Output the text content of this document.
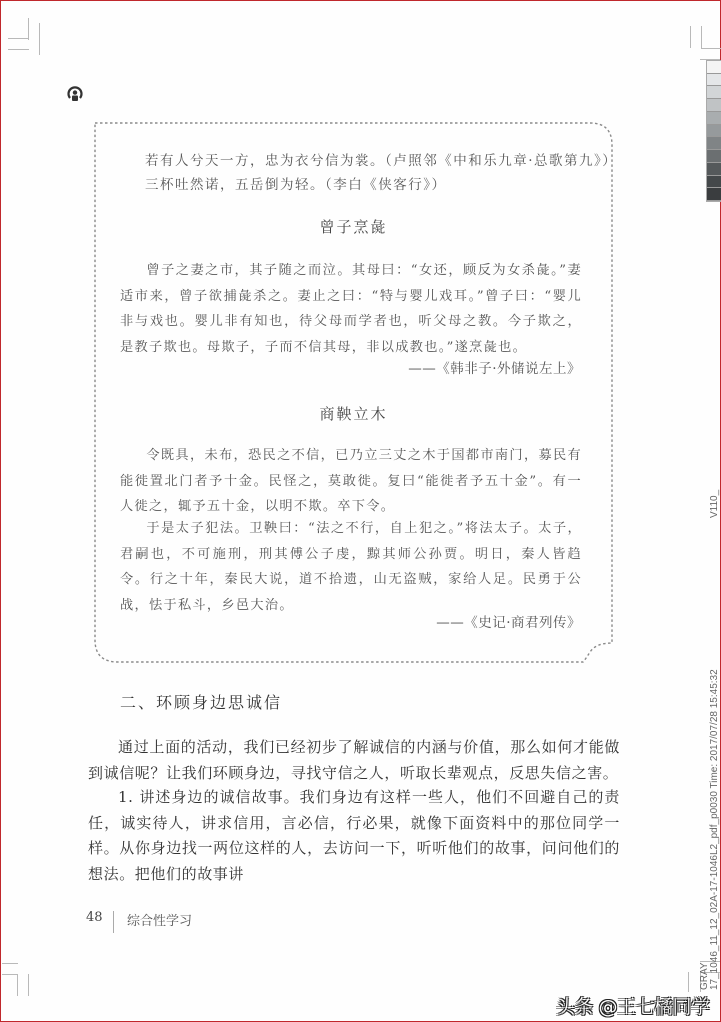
V110_
17_1046_11_12_02A-17-1046L2_pdf_p0030 Time: 2017/07/28 15:45:32
GRAY
若有人兮天一方，忠为衣兮信为裳。（卢照邻《中和乐九章·总歌第九》）
三杯吐然诺，五岳倒为轻。（李白《侠客行》）
曾子烹彘
曾子之妻之市，其子随之而泣。其母曰：“女还，顾反为女杀彘。”妻适市来，曾子欲捕彘杀之。妻止之曰：“特与婴儿戏耳。”曾子曰：“婴儿非与戏也。婴儿非有知也，待父母而学者也，听父母之教。今子欺之，是教子欺也。母欺子，子而不信其母，非以成教也。”遂烹彘也。
——《韩非子·外储说左上》
商鞅立木
令既具，未布，恐民之不信，已乃立三丈之木于国都市南门，募民有能徙置北门者予十金。民怪之，莫敢徙。复曰“能徙者予五十金”。有一人徙之，辄予五十金，以明不欺。卒下令。
于是太子犯法。卫鞅曰：“法之不行，自上犯之。”将法太子。太子，君嗣也，不可施刑，刑其傅公子虔，黥其师公孙贾。明日，秦人皆趋令。行之十年，秦民大说，道不拾遗，山无盗贼，家给人足。民勇于公战，怯于私斗，乡邑大治。
——《史记·商君列传》
二、环顾身边思诚信
通过上面的活动，我们已经初步了解诚信的内涵与价值，那么如何才能做到诚信呢？让我们环顾身边，寻找守信之人，听取长辈观点，反思失信之害。
1. 讲述身边的诚信故事。我们身边有这样一些人，他们不回避自己的责任，诚实待人，讲求信用，言必信，行必果，就像下面资料中的那位同学一样。从你身边找一两位这样的人，去访问一下，听听他们的故事，问问他们的想法。把他们的故事讲
48 综合性学习
头条 @王七橘同学
